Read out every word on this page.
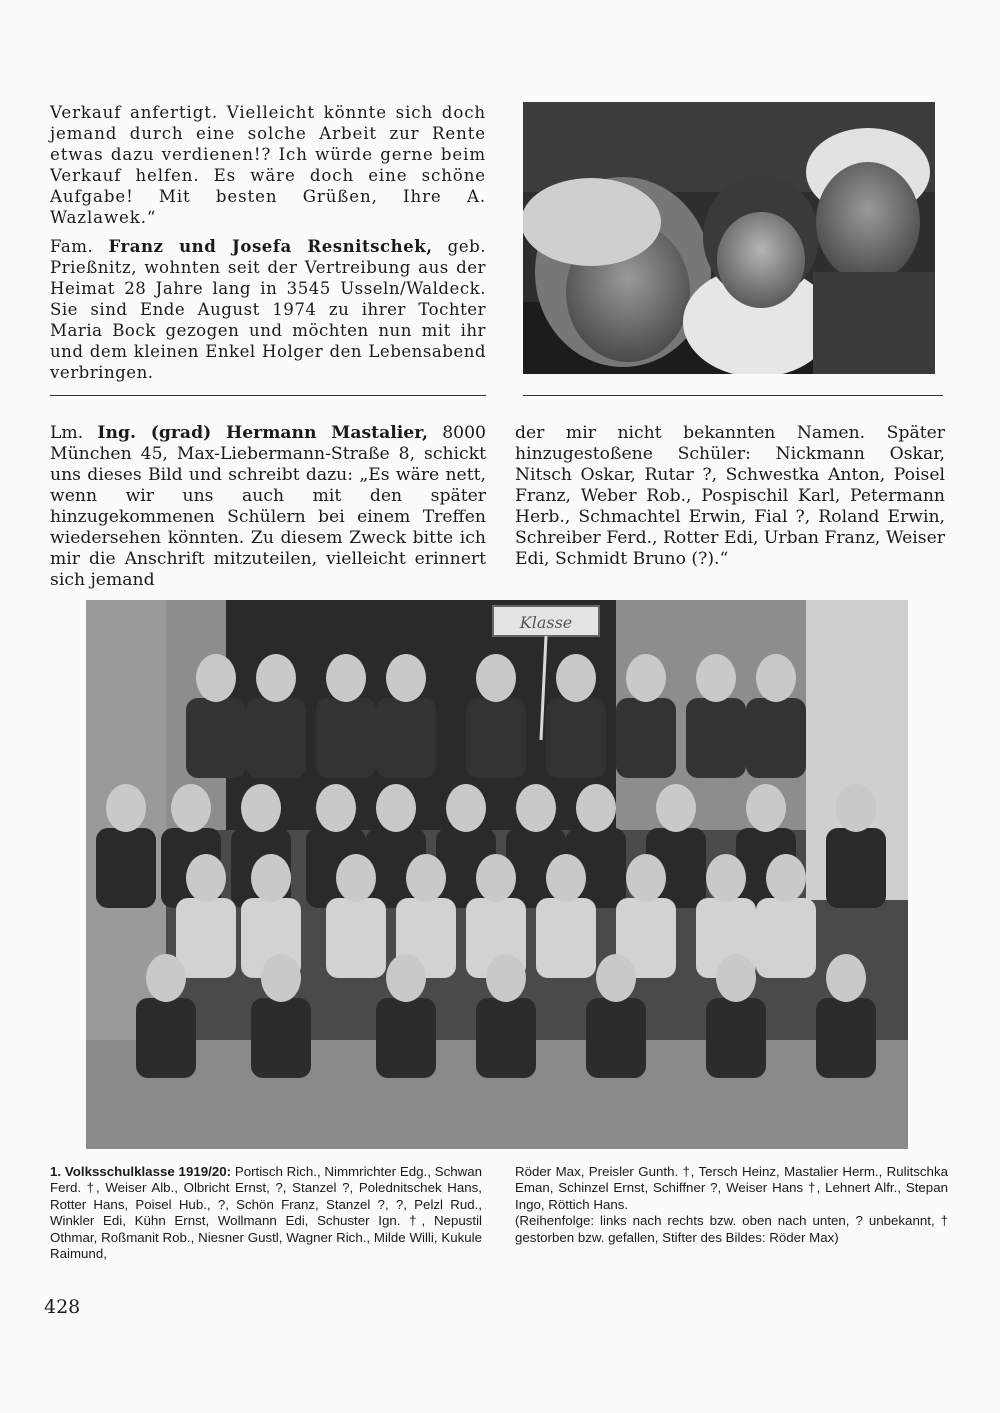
Verkauf anfertigt. Vielleicht könnte sich doch jemand durch eine solche Arbeit zur Rente etwas dazu verdienen!? Ich würde gerne beim Verkauf helfen. Es wäre doch eine schöne Aufgabe! Mit besten Grüßen, Ihre A. Wazlawek.“

Fam. Franz und Josefa Resnitschek, geb. Prießnitz, wohnten seit der Vertreibung aus der Heimat 28 Jahre lang in 3545 Usseln/Waldeck. Sie sind Ende August 1974 zu ihrer Tochter Maria Bock gezogen und möchten nun mit ihr und dem kleinen Enkel Holger den Lebensabend verbringen.

Lm. Ing. (grad) Hermann Mastalier, 8000 München 45, Max-Liebermann-Straße 8, schickt uns dieses Bild und schreibt dazu: „Es wäre nett, wenn wir uns auch mit den später hinzugekommenen Schülern bei einem Treffen wiedersehen könnten. Zu diesem Zweck bitte ich mir die Anschrift mitzuteilen, vielleicht erinnert sich jemand
der mir nicht bekannten Namen. Später hinzugestoßene Schüler: Nickmann Oskar, Nitsch Oskar, Rutar ?, Schwestka Anton, Poisel Franz, Weber Rob., Pospischil Karl, Petermann Herb., Schmachtel Erwin, Fial ?, Roland Erwin, Schreiber Ferd., Rotter Edi, Urban Franz, Weiser Edi, Schmidt Bruno (?).“
Klasse
1. Volksschulklasse 1919/20: Portisch Rich., Nimmrichter Edg., Schwan Ferd. †, Weiser Alb., Olbricht Ernst, ?, Stanzel ?, Polednitschek Hans, Rotter Hans, Poisel Hub., ?, Schön Franz, Stanzel ?, ?, Pelzl Rud., Winkler Edi, Kühn Ernst, Wollmann Edi, Schuster Ign. †, Nepustil Othmar, Roßmanit Rob., Niesner Gustl, Wagner Rich., Milde Willi, Kukule Raimund,

Röder Max, Preisler Gunth. †, Tersch Heinz, Mastalier Herm., Rulitschka Eman, Schinzel Ernst, Schiffner ?, Weiser Hans †, Lehnert Alfr., Stepan Ingo, Röttich Hans.

(Reihenfolge: links nach rechts bzw. oben nach unten, ? unbekannt, † gestorben bzw. gefallen, Stifter des Bildes: Röder Max)

428
